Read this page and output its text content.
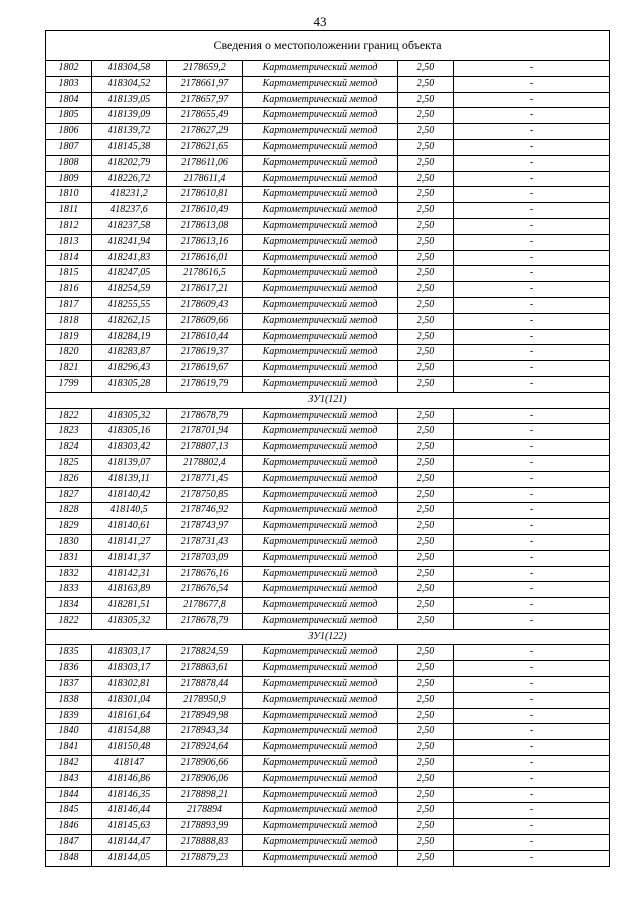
43
Сведения о местоположении границ объекта					
1802	418304,58	2178659,2	Картометрический метод	2,50	-
1803	418304,52	2178661,97	Картометрический метод	2,50	-
1804	418139,05	2178657,97	Картометрический метод	2,50	-
1805	418139,09	2178655,49	Картометрический метод	2,50	-
1806	418139,72	2178627,29	Картометрический метод	2,50	-
1807	418145,38	2178621,65	Картометрический метод	2,50	-
1808	418202,79	2178611,06	Картометрический метод	2,50	-
1809	418226,72	2178611,4	Картометрический метод	2,50	-
1810	418231,2	2178610,81	Картометрический метод	2,50	-
1811	418237,6	2178610,49	Картометрический метод	2,50	-
1812	418237,58	2178613,08	Картометрический метод	2,50	-
1813	418241,94	2178613,16	Картометрический метод	2,50	-
1814	418241,83	2178616,01	Картометрический метод	2,50	-
1815	418247,05	2178616,5	Картометрический метод	2,50	-
1816	418254,59	2178617,21	Картометрический метод	2,50	-
1817	418255,55	2178609,43	Картометрический метод	2,50	-
1818	418262,15	2178609,66	Картометрический метод	2,50	-
1819	418284,19	2178610,44	Картометрический метод	2,50	-
1820	418283,87	2178619,37	Картометрический метод	2,50	-
1821	418296,43	2178619,67	Картометрический метод	2,50	-
1799	418305,28	2178619,79	Картометрический метод	2,50	-
ЗУ1(121)					
1822	418305,32	2178678,79	Картометрический метод	2,50	-
1823	418305,16	2178701,94	Картометрический метод	2,50	-
1824	418303,42	2178807,13	Картометрический метод	2,50	-
1825	418139,07	2178802,4	Картометрический метод	2,50	-
1826	418139,11	2178771,45	Картометрический метод	2,50	-
1827	418140,42	2178750,85	Картометрический метод	2,50	-
1828	418140,5	2178746,92	Картометрический метод	2,50	-
1829	418140,61	2178743,97	Картометрический метод	2,50	-
1830	418141,27	2178731,43	Картометрический метод	2,50	-
1831	418141,37	2178703,09	Картометрический метод	2,50	-
1832	418142,31	2178676,16	Картометрический метод	2,50	-
1833	418163,89	2178676,54	Картометрический метод	2,50	-
1834	418281,51	2178677,8	Картометрический метод	2,50	-
1822	418305,32	2178678,79	Картометрический метод	2,50	-
ЗУ1(122)					
1835	418303,17	2178824,59	Картометрический метод	2,50	-
1836	418303,17	2178863,61	Картометрический метод	2,50	-
1837	418302,81	2178878,44	Картометрический метод	2,50	-
1838	418301,04	2178950,9	Картометрический метод	2,50	-
1839	418161,64	2178949,98	Картометрический метод	2,50	-
1840	418154,88	2178943,34	Картометрический метод	2,50	-
1841	418150,48	2178924,64	Картометрический метод	2,50	-
1842	418147	2178906,66	Картометрический метод	2,50	-
1843	418146,86	2178906,06	Картометрический метод	2,50	-
1844	418146,35	2178898,21	Картометрический метод	2,50	-
1845	418146,44	2178894	Картометрический метод	2,50	-
1846	418145,63	2178893,99	Картометрический метод	2,50	-
1847	418144,47	2178888,83	Картометрический метод	2,50	-
1848	418144,05	2178879,23	Картометрический метод	2,50	-
